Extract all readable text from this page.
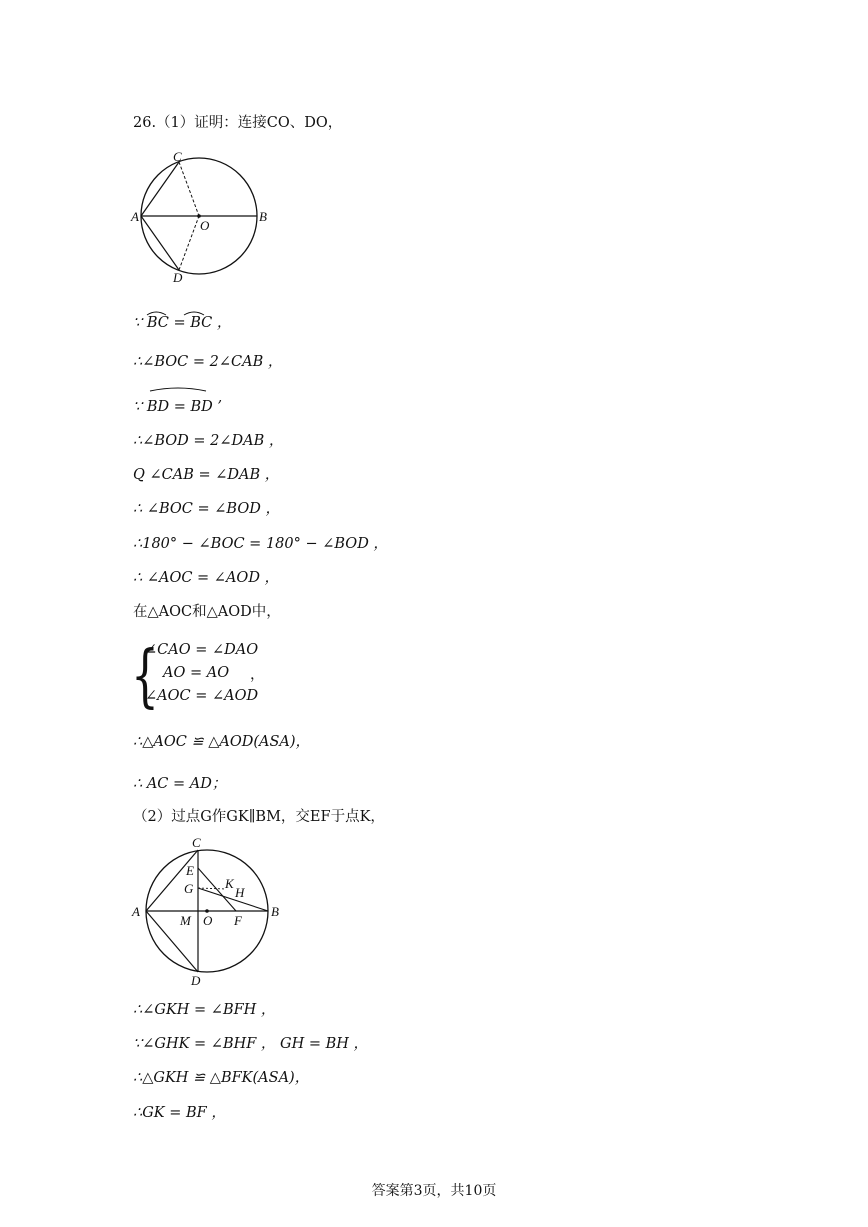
26.（1）证明：连接CO、DO，
C
A
O
B
D
∵ BC = BC ，
∴∠BOC = 2∠CAB ，
∵ BD = BD ’
∴∠BOD = 2∠DAB ，
Q ∠CAB = ∠DAB ，
∴ ∠BOC = ∠BOD ，
∴180° − ∠BOC = 180° − ∠BOD ，
∴ ∠AOC = ∠AOD ，
在△AOC和△AOD中，
{
∠CAO = ∠DAO
AO = AO ，
∠AOC = ∠AOD
∴△AOC ≌ △AOD(ASA)，
∴ AC = AD；
（2）过点G作GK∥BM，交EF于点K，
C
E
G K
H
A
M O F
B
D
∴∠GKH = ∠BFH ，
∵∠GHK = ∠BHF ， GH = BH ，
∴△GKH ≌ △BFK(ASA)，
∴GK = BF ，
答案第3页，共10页
